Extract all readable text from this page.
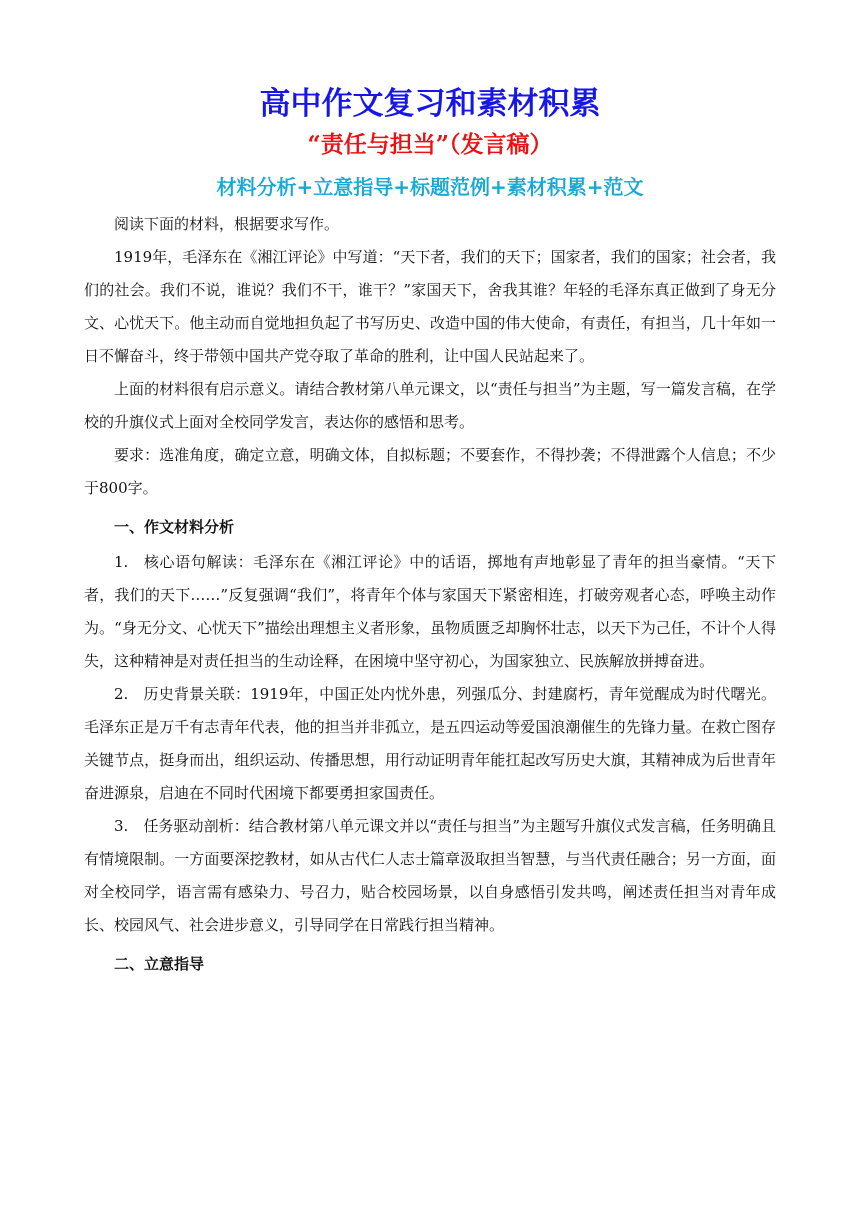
高中作文复习和素材积累
“责任与担当”（发言稿）
材料分析+立意指导+标题范例+素材积累+范文

阅读下面的材料，根据要求写作。

1919年，毛泽东在《湘江评论》中写道：“天下者，我们的天下；国家者，我们的国家；社会者，我们的社会。我们不说，谁说？我们不干，谁干？”家国天下，舍我其谁？年轻的毛泽东真正做到了身无分文、心忧天下。他主动而自觉地担负起了书写历史、改造中国的伟大使命，有责任，有担当，几十年如一日不懈奋斗，终于带领中国共产党夺取了革命的胜利，让中国人民站起来了。

上面的材料很有启示意义。请结合教材第八单元课文，以“责任与担当”为主题，写一篇发言稿，在学校的升旗仪式上面对全校同学发言，表达你的感悟和思考。

要求：选准角度，确定立意，明确文体，自拟标题；不要套作，不得抄袭；不得泄露个人信息；不少于800字。

一、作文材料分析

1. 核心语句解读：毛泽东在《湘江评论》中的话语，掷地有声地彰显了青年的担当豪情。“天下者，我们的天下……”反复强调“我们”，将青年个体与家国天下紧密相连，打破旁观者心态，呼唤主动作为。“身无分文、心忧天下”描绘出理想主义者形象，虽物质匮乏却胸怀壮志，以天下为己任，不计个人得失，这种精神是对责任担当的生动诠释，在困境中坚守初心，为国家独立、民族解放拼搏奋进。

2. 历史背景关联：1919年，中国正处内忧外患，列强瓜分、封建腐朽，青年觉醒成为时代曙光。毛泽东正是万千有志青年代表，他的担当并非孤立，是五四运动等爱国浪潮催生的先锋力量。在救亡图存关键节点，挺身而出，组织运动、传播思想，用行动证明青年能扛起改写历史大旗，其精神成为后世青年奋进源泉，启迪在不同时代困境下都要勇担家国责任。

3. 任务驱动剖析：结合教材第八单元课文并以“责任与担当”为主题写升旗仪式发言稿，任务明确且有情境限制。一方面要深挖教材，如从古代仁人志士篇章汲取担当智慧，与当代责任融合；另一方面，面对全校同学，语言需有感染力、号召力，贴合校园场景，以自身感悟引发共鸣，阐述责任担当对青年成长、校园风气、社会进步意义，引导同学在日常践行担当精神。

二、立意指导
